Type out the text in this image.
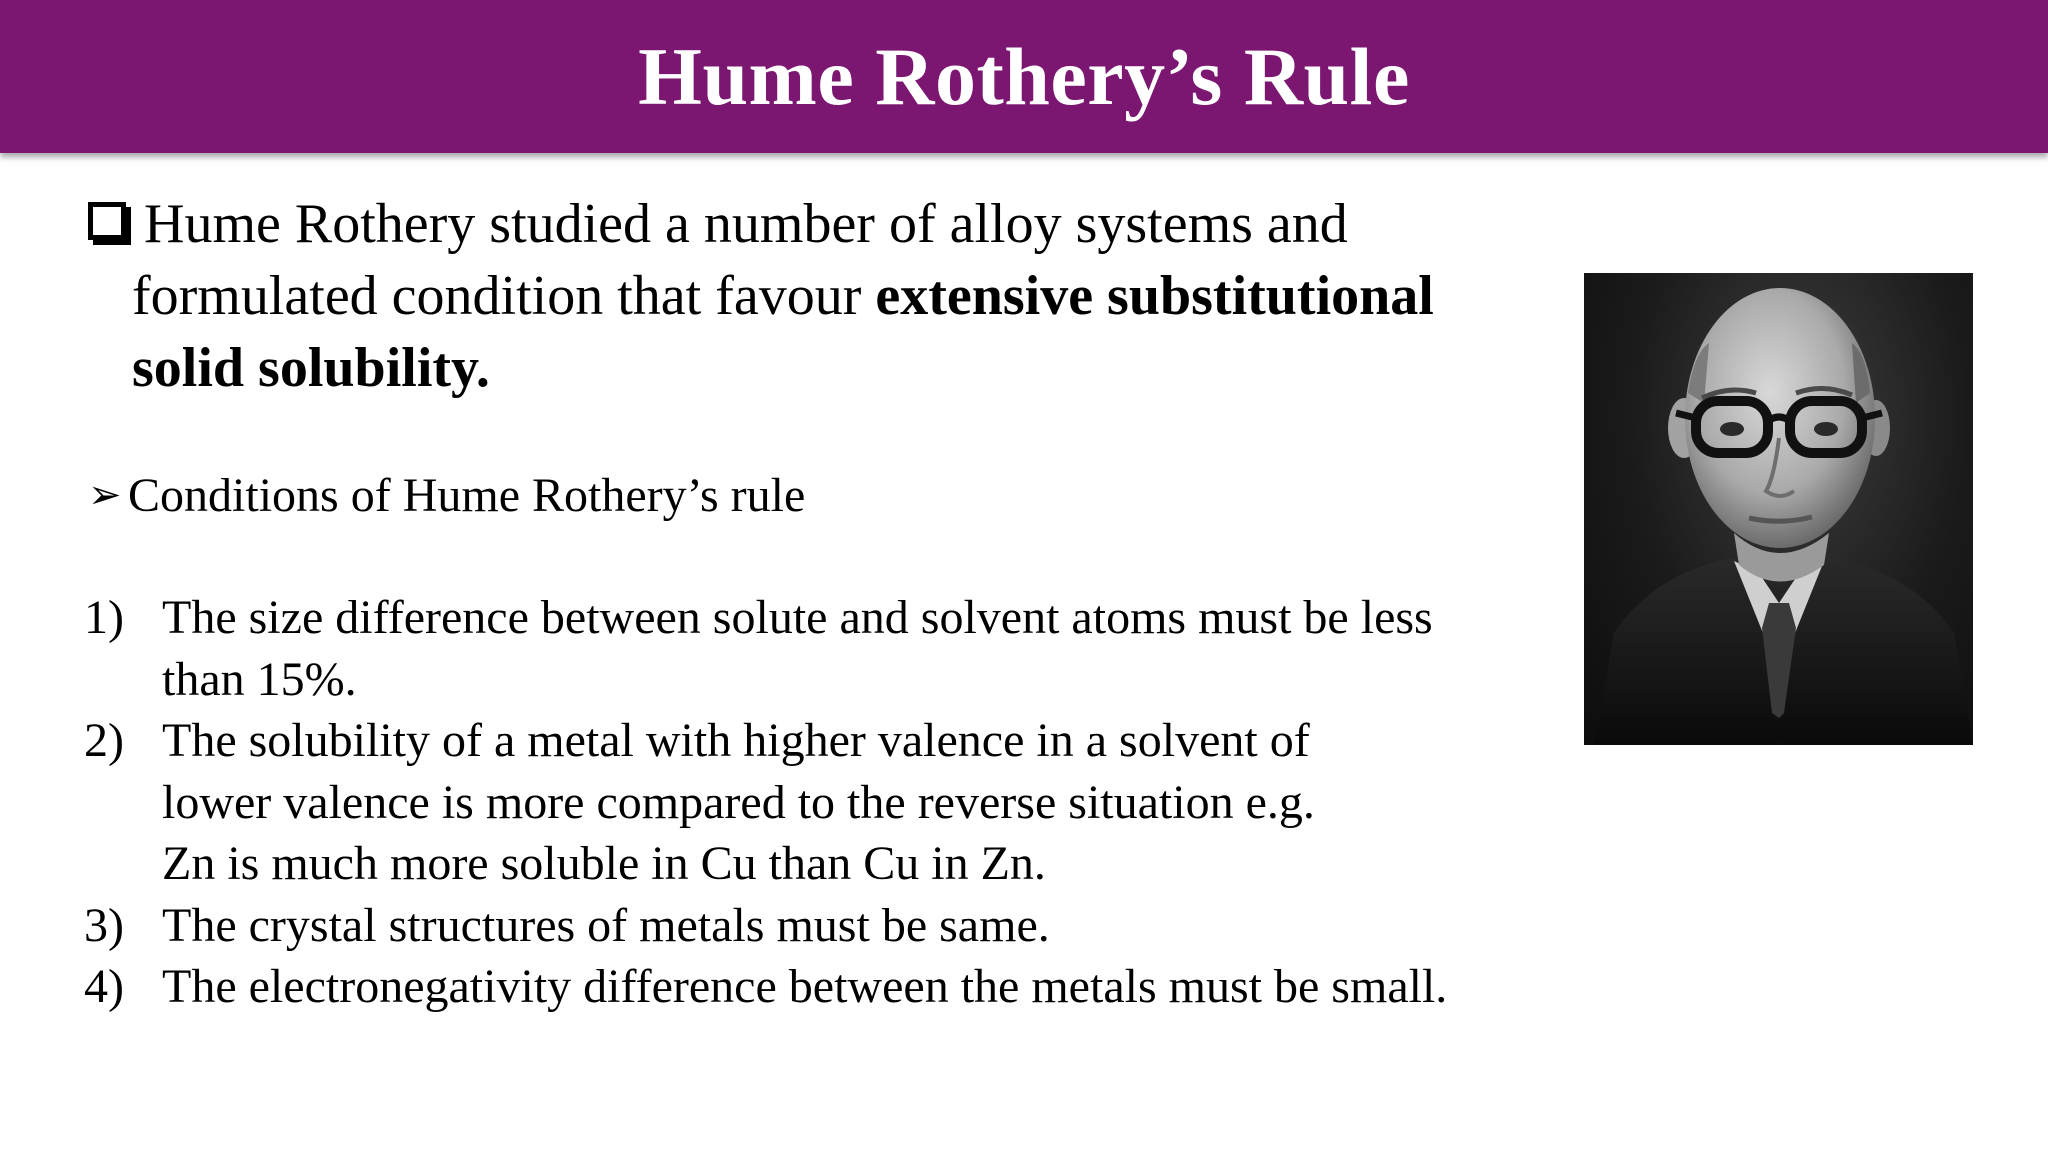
Hume Rothery’s Rule
Hume Rothery studied a number of alloy systems and
formulated condition that favour extensive substitutional
solid solubility.
➢ Conditions of Hume Rothery’s rule
1) The size difference between solute and solvent atoms must be less
than 15%.
2) The solubility of a metal with higher valence in a solvent of
lower valence is more compared to the reverse situation e.g.
Zn is much more soluble in Cu than Cu in Zn.
3) The crystal structures of metals must be same.
4) The electronegativity difference between the metals must be small.
